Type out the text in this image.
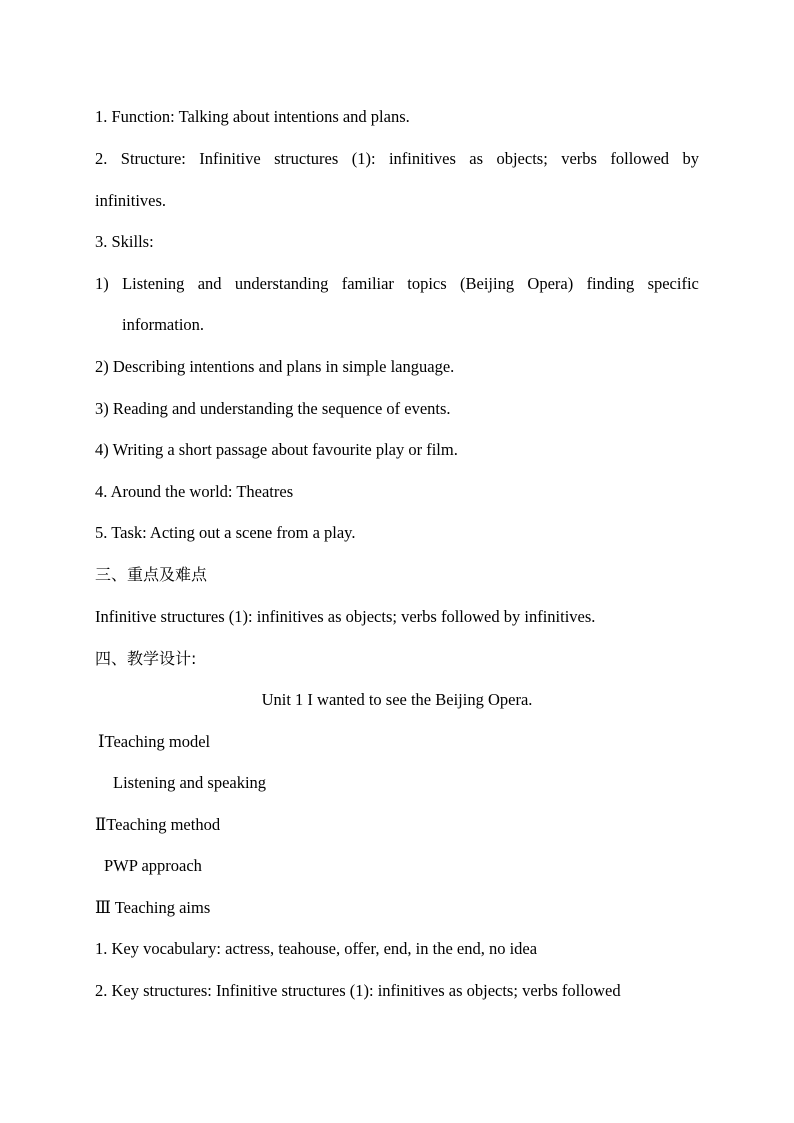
1. Function: Talking about intentions and plans.
2. Structure: Infinitive structures (1): infinitives as objects; verbs followed by
infinitives.
3. Skills:
1) Listening and understanding familiar topics (Beijing Opera) finding specific
information.
2) Describing intentions and plans in simple language.
3) Reading and understanding the sequence of events.
4) Writing a short passage about favourite play or film.
4. Around the world: Theatres
5. Task: Acting out a scene from a play.
三、重点及难点
Infinitive structures (1): infinitives as objects; verbs followed by infinitives.
四、教学设计:
Unit 1 I wanted to see the Beijing Opera.
ⅠTeaching model
Listening and speaking
ⅡTeaching method
PWP approach
Ⅲ Teaching aims
1. Key vocabulary: actress, teahouse, offer, end, in the end, no idea
2. Key structures: Infinitive structures (1): infinitives as objects; verbs followed
